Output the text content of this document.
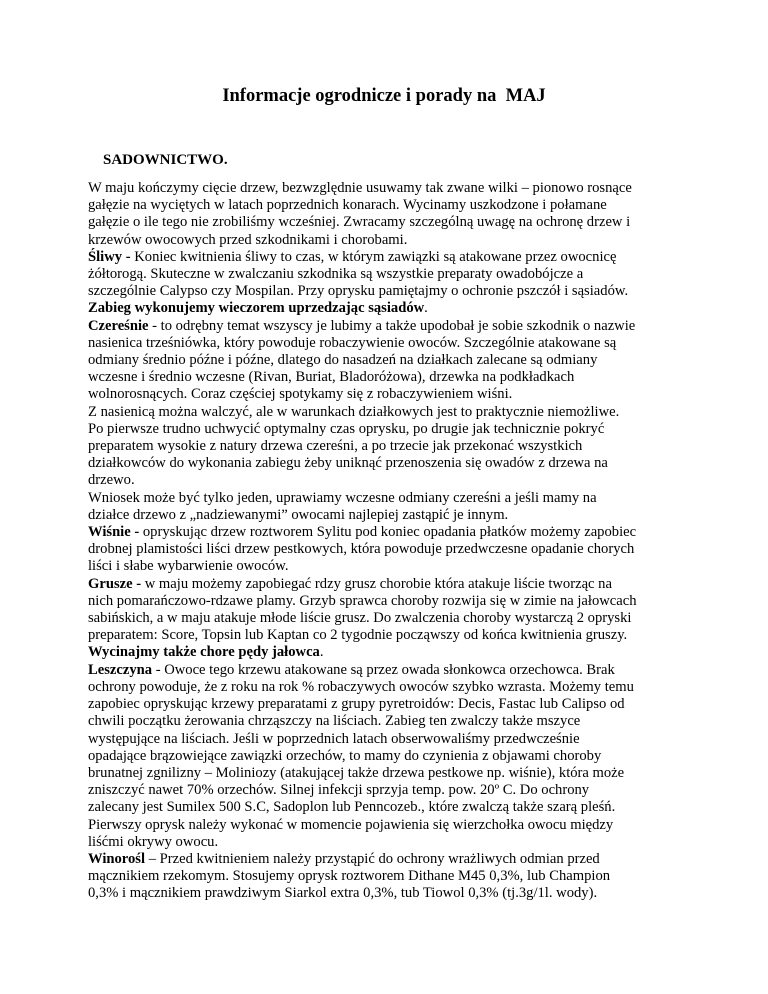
Informacje ogrodnicze i porady na  MAJ
SADOWNICTWO.
W maju kończymy cięcie drzew, bezwzględnie usuwamy tak zwane wilki – pionowo rosnące
gałęzie na wyciętych w latach poprzednich konarach. Wycinamy uszkodzone i połamane
gałęzie o ile tego nie zrobiliśmy wcześniej. Zwracamy szczególną uwagę na ochronę drzew i
krzewów owocowych przed szkodnikami i chorobami.
Śliwy - Koniec kwitnienia śliwy to czas, w którym zawiązki są atakowane przez owocnicę
żółtorogą. Skuteczne w zwalczaniu szkodnika są wszystkie preparaty owadobójcze a
szczególnie Calypso czy Mospilan. Przy oprysku pamiętajmy o ochronie pszczół i sąsiadów.
Zabieg wykonujemy wieczorem uprzedzając sąsiadów.
Czereśnie - to odrębny temat wszyscy je lubimy a także upodobał je sobie szkodnik o nazwie
nasienica trześniówka, który powoduje robaczywienie owoców. Szczególnie atakowane są
odmiany średnio późne i późne, dlatego do nasadzeń na działkach zalecane są odmiany
wczesne i średnio wczesne (Rivan, Buriat, Bladoróżowa), drzewka na podkładkach
wolnorosnących. Coraz częściej spotykamy się z robaczywieniem wiśni.
Z nasienicą można walczyć, ale w warunkach działkowych jest to praktycznie niemożliwe.
Po pierwsze trudno uchwycić optymalny czas oprysku, po drugie jak technicznie pokryć
preparatem wysokie z natury drzewa czereśni, a po trzecie jak przekonać wszystkich
działkowców do wykonania zabiegu żeby uniknąć przenoszenia się owadów z drzewa na
drzewo.
Wniosek może być tylko jeden, uprawiamy wczesne odmiany czereśni a jeśli mamy na
działce drzewo z „nadziewanymi” owocami najlepiej zastąpić je innym.
Wiśnie - opryskując drzew roztworem Sylitu pod koniec opadania płatków możemy zapobiec
drobnej plamistości liści drzew pestkowych, która powoduje przedwczesne opadanie chorych
liści i słabe wybarwienie owoców.
Grusze - w maju możemy zapobiegać rdzy grusz chorobie która atakuje liście tworząc na
nich pomarańczowo-rdzawe plamy. Grzyb sprawca choroby rozwija się w zimie na jałowcach
sabińskich, a w maju atakuje młode liście grusz. Do zwalczenia choroby wystarczą 2 opryski
preparatem: Score, Topsin lub Kaptan co 2 tygodnie począwszy od końca kwitnienia gruszy.
Wycinajmy także chore pędy jałowca.
Leszczyna - Owoce tego krzewu atakowane są przez owada słonkowca orzechowca. Brak
ochrony powoduje, że z roku na rok % robaczywych owoców szybko wzrasta. Możemy temu
zapobiec opryskując krzewy preparatami z grupy pyretroidów: Decis, Fastac lub Calipso od
chwili początku żerowania chrząszczy na liściach. Zabieg ten zwalczy także mszyce
występujące na liściach. Jeśli w poprzednich latach obserwowaliśmy przedwcześnie
opadające brązowiejące zawiązki orzechów, to mamy do czynienia z objawami choroby
brunatnej zgnilizny – Moliniozy (atakującej także drzewa pestkowe np. wiśnie), która może
zniszczyć nawet 70% orzechów. Silnej infekcji sprzyja temp. pow. 20º C. Do ochrony
zalecany jest Sumilex 500 S.C, Sadoplon lub Penncozeb., które zwalczą także szarą pleśń.
Pierwszy oprysk należy wykonać w momencie pojawienia się wierzchołka owocu między
liśćmi okrywy owocu.
Winorośl – Przed kwitnieniem należy przystąpić do ochrony wrażliwych odmian przed
mącznikiem rzekomym. Stosujemy oprysk roztworem Dithane M45 0,3%, lub Champion
0,3% i mącznikiem prawdziwym Siarkol extra 0,3%, tub Tiowol 0,3% (tj.3g/1l. wody).
